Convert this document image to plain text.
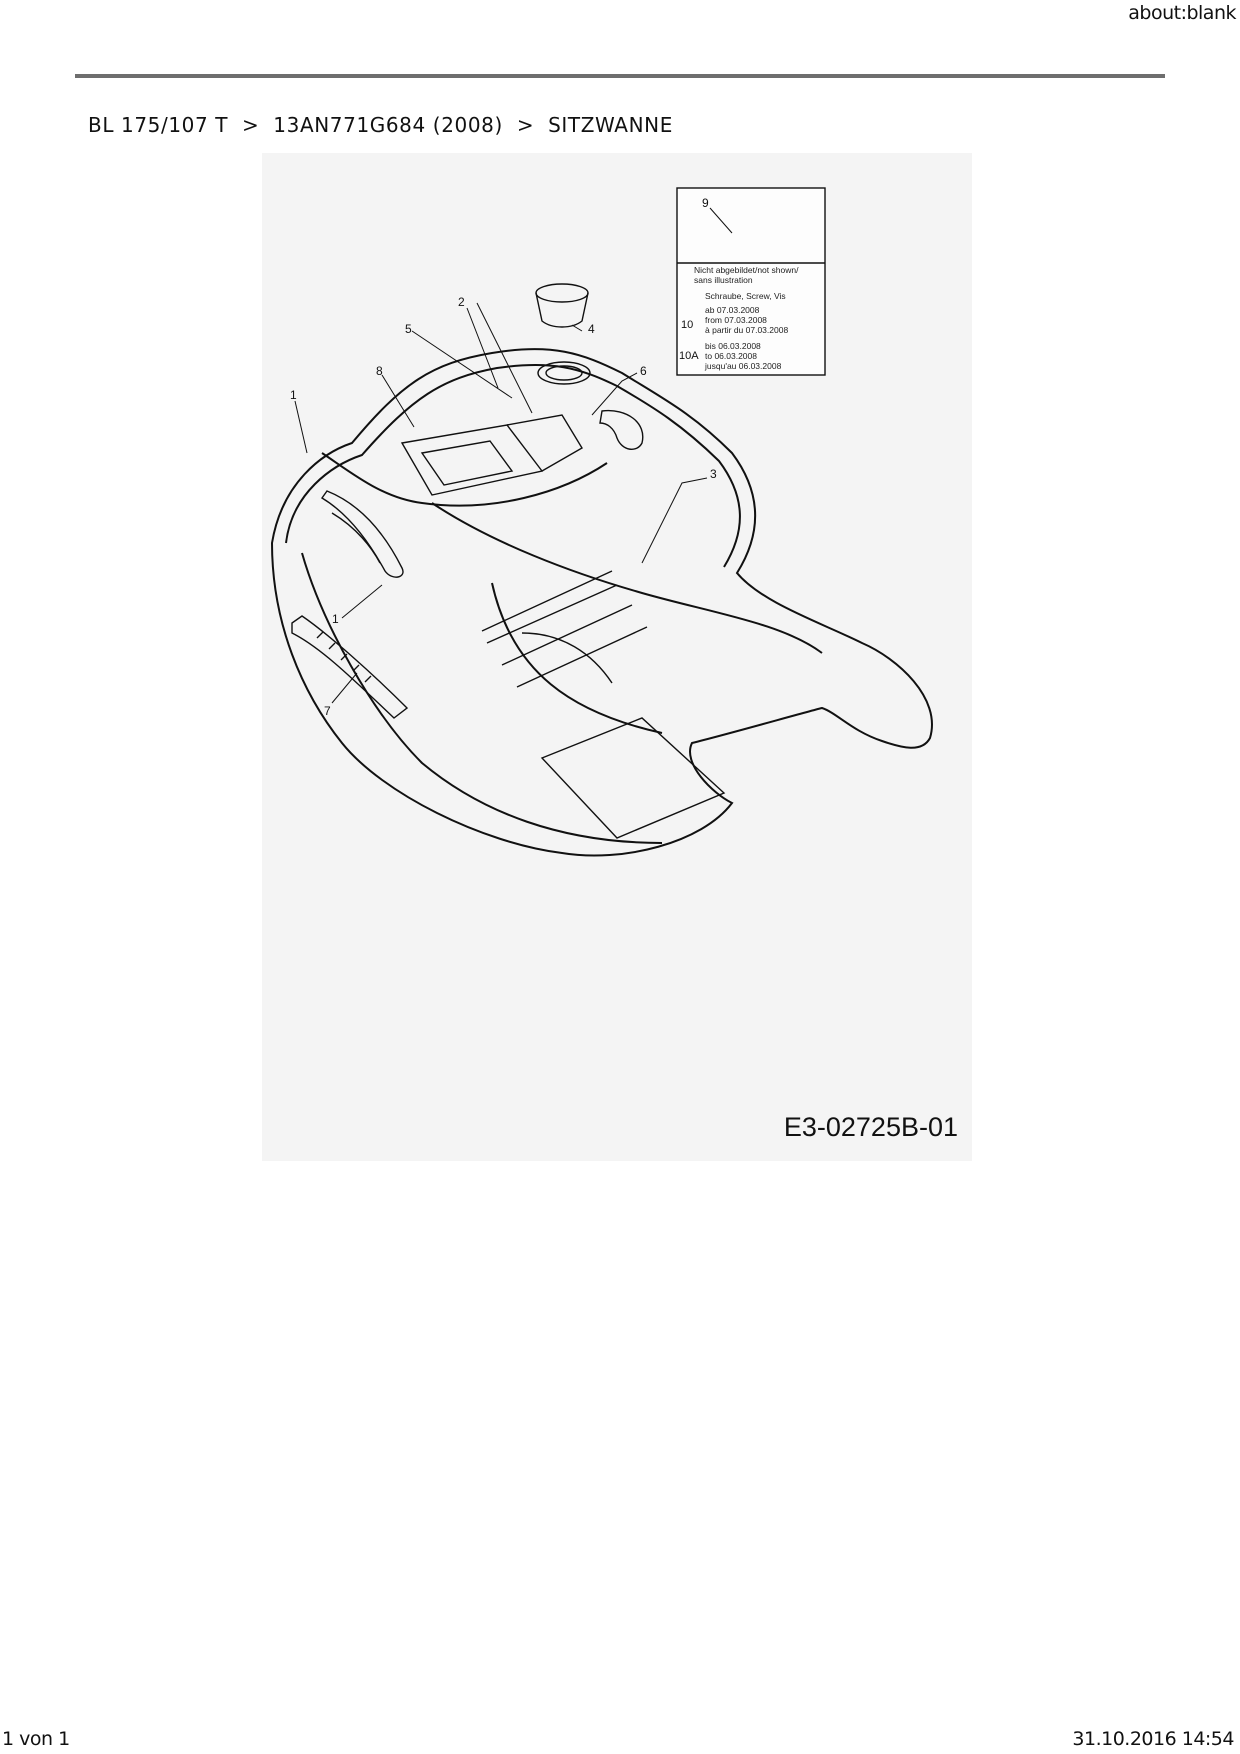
about:blank
BL 175/107 T > 13AN771G684 (2008) > SITZWANNE
1
1
2
3
4
5
6
7
8
9
Nicht abgebildet/not shown/
sans illustration
10
Schraube, Screw, Vis
ab 07.03.2008
from 07.03.2008
à partir du 07.03.2008
10A
bis 06.03.2008
to 06.03.2008
jusqu'au 06.03.2008
E3-02725B-01
1 von 1	31.10.2016 14:54
